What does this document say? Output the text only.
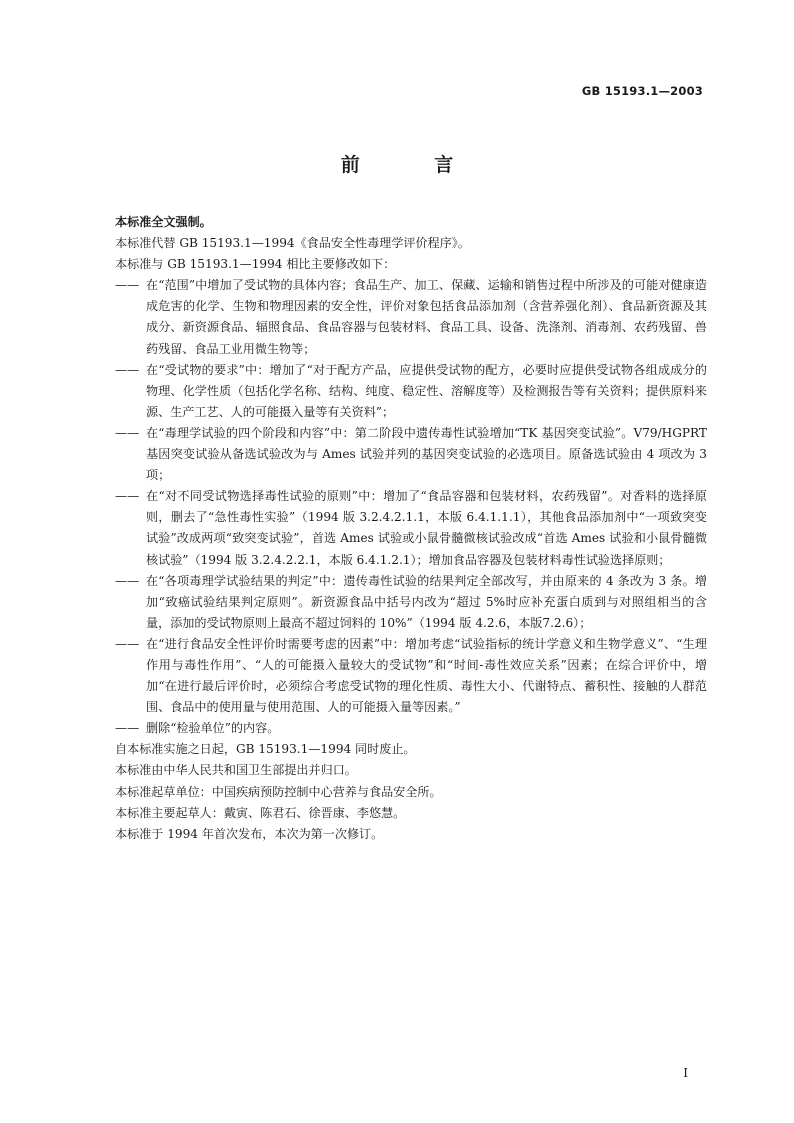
GB 15193.1—2003
前 言

本标准全文强制。

本标准代替 GB 15193.1—1994《食品安全性毒理学评价程序》。

本标准与 GB 15193.1—1994 相比主要修改如下：

—— 在“范围”中增加了受试物的具体内容；食品生产、加工、保藏、运输和销售过程中所涉及的可能对健康造成危害的化学、生物和物理因素的安全性，评价对象包括食品添加剂（含营养强化剂）、食品新资源及其成分、新资源食品、辐照食品、食品容器与包装材料、食品工具、设备、洗涤剂、消毒剂、农药残留、兽药残留、食品工业用微生物等；
—— 在“受试物的要求”中：增加了“对于配方产品，应提供受试物的配方，必要时应提供受试物各组成成分的物理、化学性质（包括化学名称、结构、纯度、稳定性、溶解度等）及检测报告等有关资料；提供原料来源、生产工艺、人的可能摄入量等有关资料”；
—— 在“毒理学试验的四个阶段和内容”中：第二阶段中遗传毒性试验增加“TK 基因突变试验”。V79/HGPRT 基因突变试验从备选试验改为与 Ames 试验并列的基因突变试验的必选项目。原备选试验由 4 项改为 3 项；
—— 在“对不同受试物选择毒性试验的原则”中：增加了“食品容器和包装材料，农药残留”。对香料的选择原则，删去了“急性毒性实验”（1994 版 3.2.4.2.1.1，本版 6.4.1.1.1），其他食品添加剂中“一项致突变试验”改成两项“致突变试验”，首选 Ames 试验或小鼠骨髓微核试验改成“首选 Ames 试验和小鼠骨髓微核试验”（1994 版 3.2.4.2.2.1，本版 6.4.1.2.1）；增加食品容器及包装材料毒性试验选择原则；
—— 在“各项毒理学试验结果的判定”中：遗传毒性试验的结果判定全部改写，并由原来的 4 条改为 3 条。增加“致癌试验结果判定原则”。新资源食品中括号内改为“超过 5%时应补充蛋白质到与对照组相当的含量，添加的受试物原则上最高不超过饲料的 10%”（1994 版 4.2.6，本版7.2.6）；
—— 在“进行食品安全性评价时需要考虑的因素”中：增加考虑“试验指标的统计学意义和生物学意义”、“生理作用与毒性作用”、“人的可能摄入量较大的受试物”和“时间-毒性效应关系”因素；在综合评价中，增加“在进行最后评价时，必须综合考虑受试物的理化性质、毒性大小、代谢特点、蓄积性、接触的人群范围、食品中的使用量与使用范围、人的可能摄入量等因素。”
—— 删除“检验单位”的内容。

自本标准实施之日起，GB 15193.1—1994 同时废止。

本标准由中华人民共和国卫生部提出并归口。

本标准起草单位：中国疾病预防控制中心营养与食品安全所。

本标准主要起草人：戴寅、陈君石、徐晋康、李悠慧。

本标准于 1994 年首次发布，本次为第一次修订。

I
